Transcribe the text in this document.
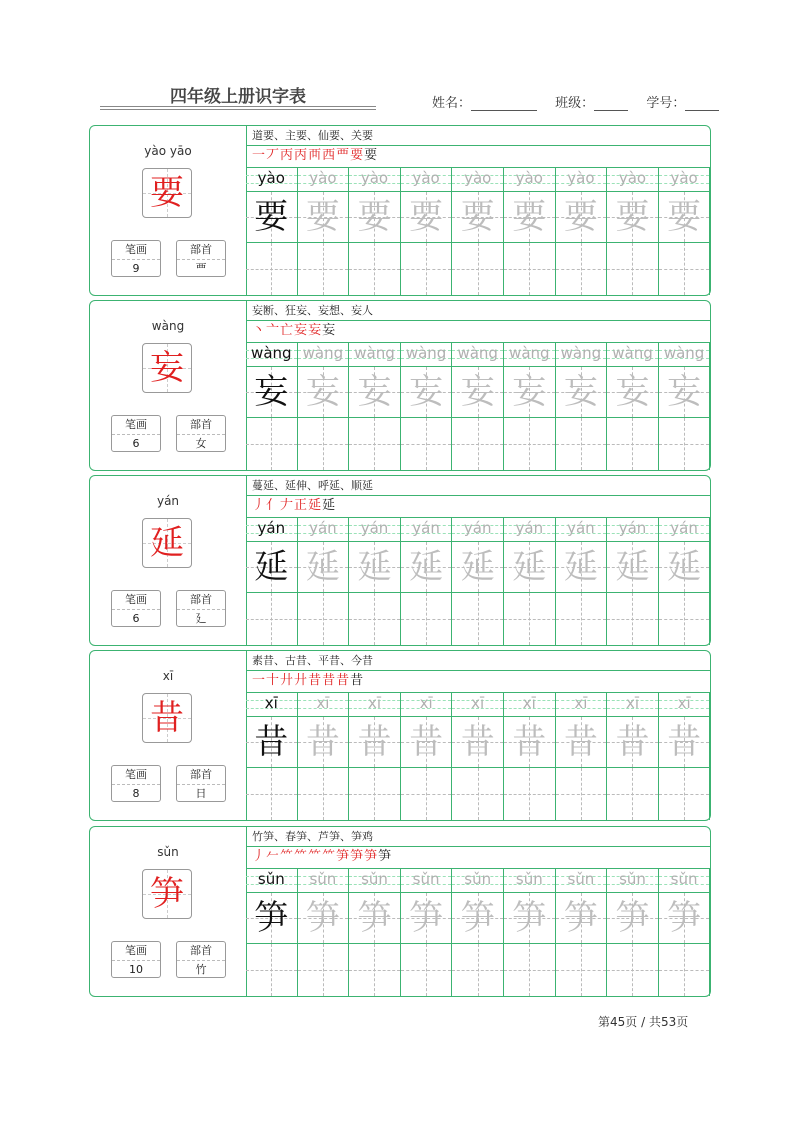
四年级上册识字表	姓名：	班级：	学号：
yào yāo
要
笔画
9
部首
覀
道要、主要、仙要、关要
一丆丙丙襾西覀要要
yào	yào	yào	yào	yào	yào	yào	yào	yào
要 要 要 要 要 要 要 要 要
wàng
妄
笔画
6
部首
女
妄断、狂妄、妄想、妄人
丶亠亡妄妄妄
wàng wàng wàng wàng wàng wàng wàng wàng wàng
妄 妄 妄 妄 妄 妄 妄 妄 妄
yán
延
笔画
6
部首
廴
蔓延、延伸、呼延、顺延
丿亻𠂇正延延
yán	yán	yán	yán	yán	yán	yán	yán	yán
延 延 延 延 延 延 延 延 延
xī
昔
笔画
8
部首
日
素昔、古昔、平昔、今昔
一十廾廾昔昔昔昔
xī	xī	xī	xī	xī	xī	xī	xī	xī
昔 昔 昔 昔 昔 昔 昔 昔 昔
sǔn
笋
笔画
10
部首
竹
竹笋、春笋、芦笋、笋鸡
丿𠂉⺮⺮⺮⺮笋笋笋笋
sǔn	sǔn	sǔn	sǔn	sǔn	sǔn	sǔn	sǔn	sǔn
笋 笋 笋 笋 笋 笋 笋 笋 笋
第45页 / 共53页
